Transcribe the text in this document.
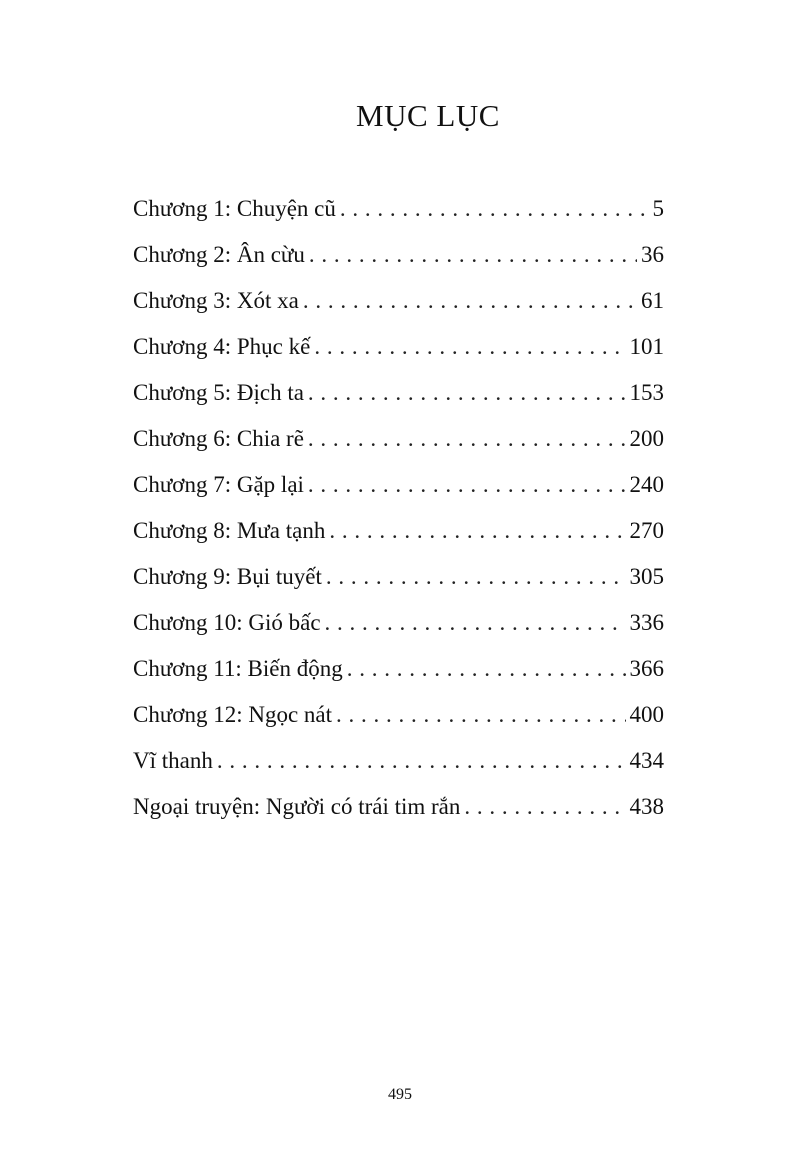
MỤC LỤC
Chương 1: Chuyện cũ . . .	5
Chương 2: Ân cừu . . .	36
Chương 3: Xót xa . . .	61
Chương 4: Phục kế . . .	101
Chương 5: Địch ta . . .	153
Chương 6: Chia rẽ . . .	200
Chương 7: Gặp lại . . .	240
Chương 8: Mưa tạnh . . .	270
Chương 9: Bụi tuyết . . .	305
Chương 10: Gió bấc . . .	336
Chương 11: Biến động . . .	366
Chương 12: Ngọc nát . . .	400
Vĩ thanh . . .	434
Ngoại truyện: Người có trái tim rắn . . .	438
495
